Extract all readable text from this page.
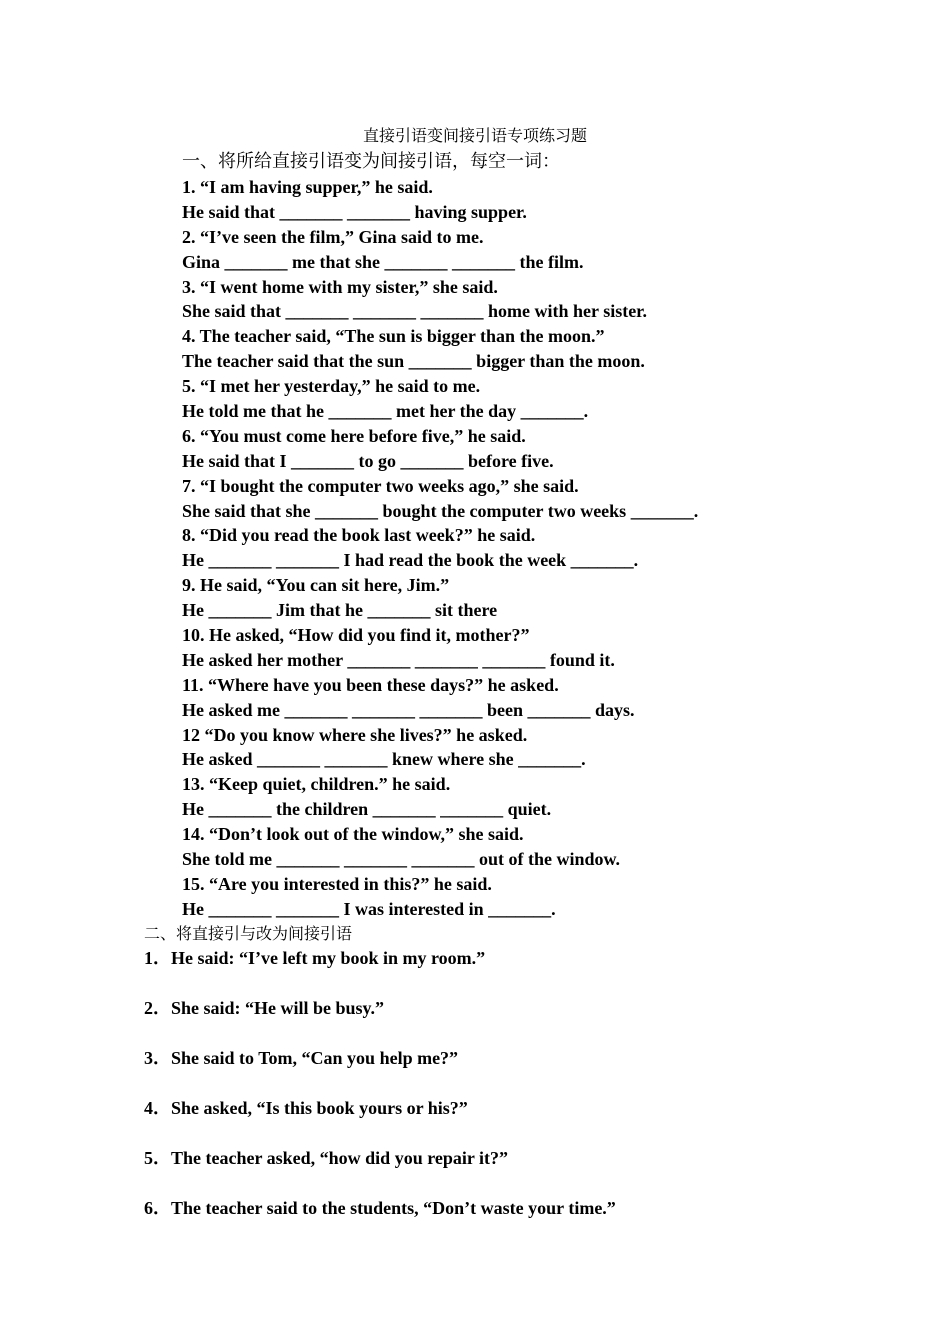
直接引语变间接引语专项练习题
一、将所给直接引语变为间接引语，每空一词：
1. “I am having supper,” he said.
He said that _______ _______ having supper.
2. “I’ve seen the film,” Gina said to me.
Gina _______ me that she _______ _______ the film.
3. “I went home with my sister,” she said.
She said that _______ _______ _______ home with her sister.
4. The teacher said, “The sun is bigger than the moon.”
The teacher said that the sun _______ bigger than the moon.
5. “I met her yesterday,” he said to me.
He told me that he _______ met her the day _______.
6. “You must come here before five,” he said.
He said that I _______ to go _______ before five.
7. “I bought the computer two weeks ago,” she said.
She said that she _______ bought the computer two weeks _______.
8. “Did you read the book last week?” he said.
He _______ _______ I had read the book the week _______.
9. He said, “You can sit here, Jim.”
He _______ Jim that he _______ sit there
10. He asked, “How did you find it, mother?”
He asked her mother _______ _______ _______ found it.
11. “Where have you been these days?” he asked.
He asked me _______ _______ _______ been _______ days.
12 “Do you know where she lives?” he asked.
He asked _______ _______ knew where she _______.
13. “Keep quiet, children.” he said.
He _______ the children _______ _______ quiet.
14. “Don’t look out of the window,” she said.
She told me _______ _______ _______ out of the window.
15. “Are you interested in this?” he said.
He _______ _______ I was interested in _______.
二、将直接引与改为间接引语
1．He said: “I’ve left my book in my room.”
2．She said: “He will be busy.”
3．She said to Tom, “Can you help me?”
4．She asked, “Is this book yours or his?”
5．The teacher asked, “how did you repair it?”
6．The teacher said to the students, “Don’t waste your time.”
